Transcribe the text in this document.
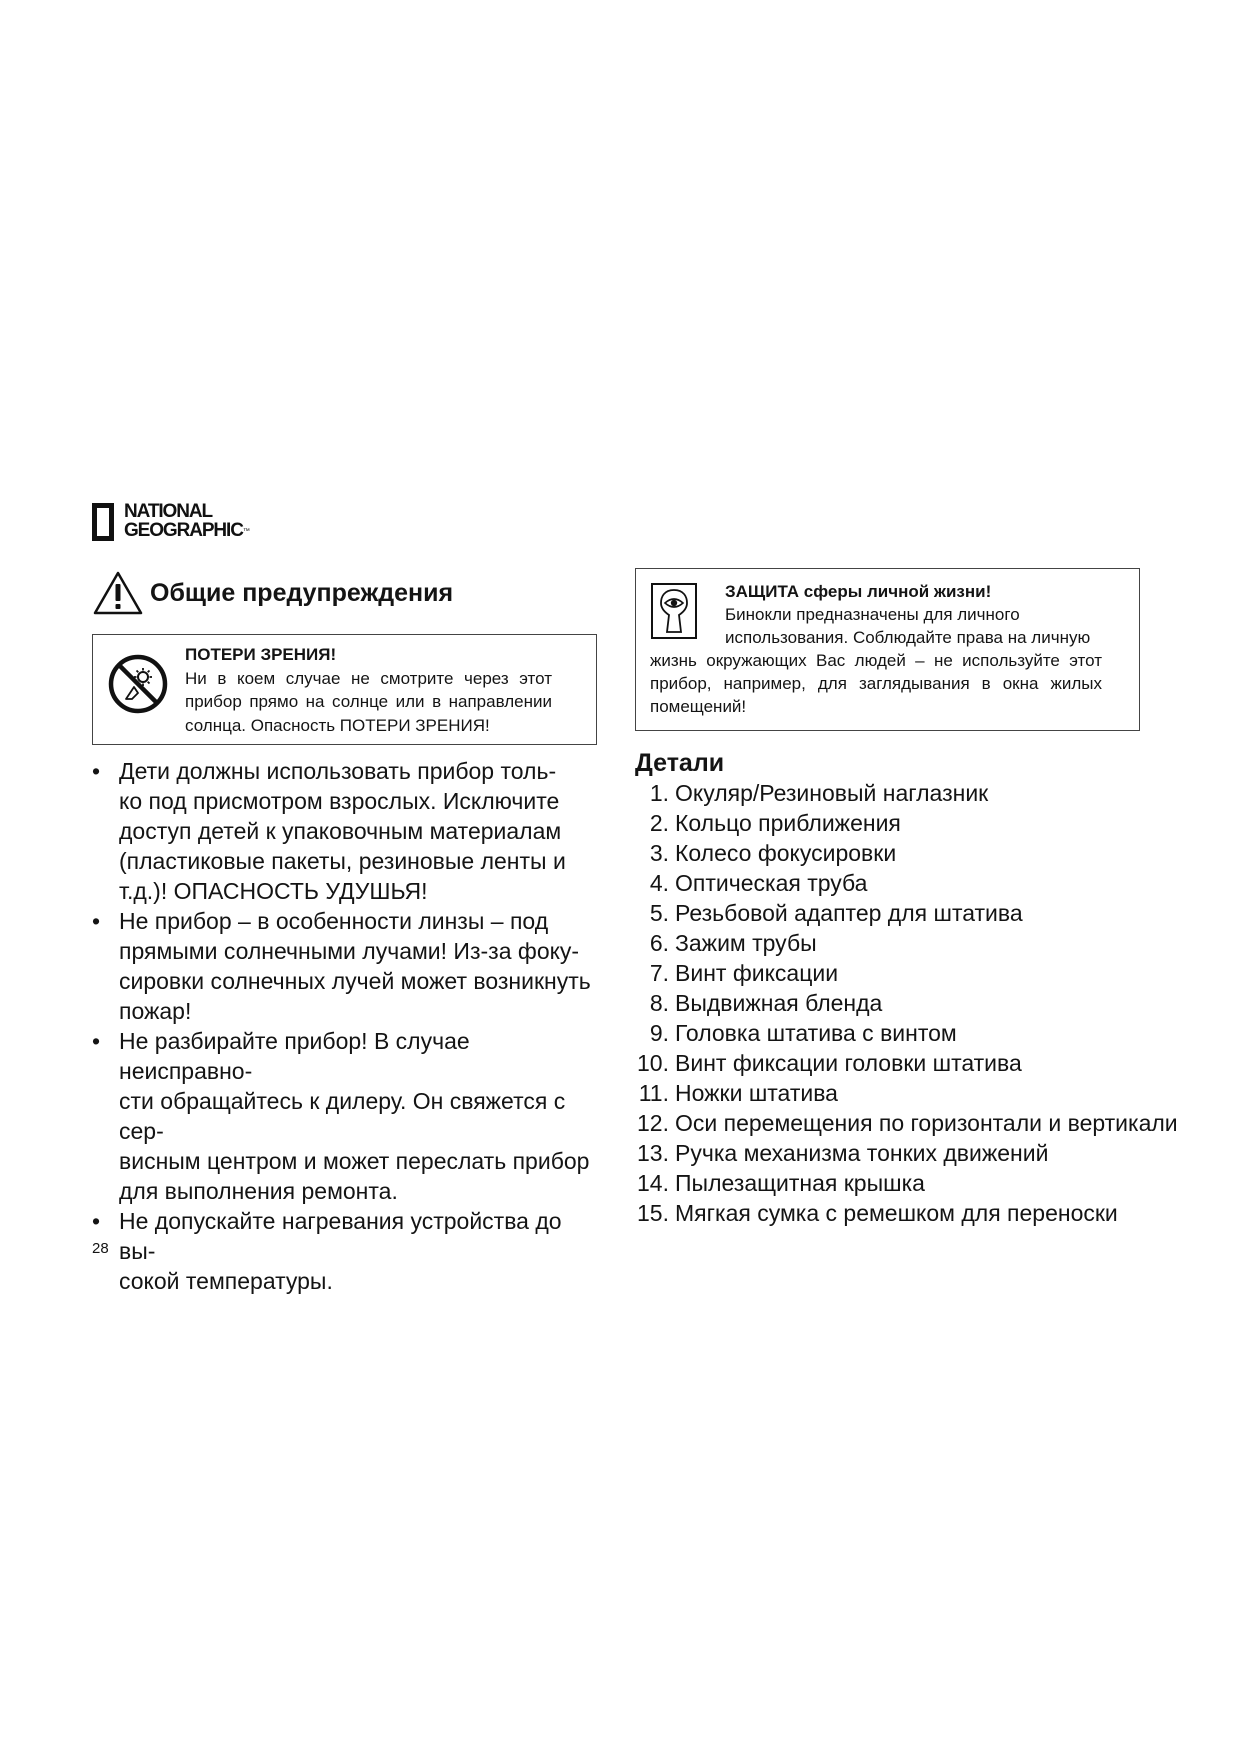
NATIONAL
GEOGRAPHIC™
Общие предупреждения
ПОТЕРИ ЗРЕНИЯ!
Ни в коем случае не смотрите через этот
прибор прямо на солнце или в направлении
солнца. Опасность ПОТЕРИ ЗРЕНИЯ!
ЗАЩИТА сферы личной жизни!
Бинокли предназначены для личного
использования. Соблюдайте права на личную
жизнь окружающих Вас людей – не используйте этот
прибор, например, для заглядывания в окна жилых
помещений!
• Дети должны использовать прибор толь-
ко под присмотром взрослых. Исключите
доступ детей к упаковочным материалам
(пластиковые пакеты, резиновые ленты и
т.д.)! ОПАСНОСТЬ УДУШЬЯ!
• Не прибор – в особенности линзы – под
прямыми солнечными лучами! Из-за фоку-
сировки солнечных лучей может возникнуть
пожар!
• Не разбирайте прибор! В случае неисправно-
сти обращайтесь к дилеру. Он свяжется с сер-
висным центром и может переслать прибор
для выполнения ремонта.
• Не допускайте нагревания устройства до вы-
сокой температуры.
Детали
1. Окуляр/Резиновый наглазник
2. Кольцо приближения
3. Колесо фокусировки
4. Оптическая труба
5. Резьбовой адаптер для штатива
6. Зажим трубы
7. Винт фиксации
8. Выдвижная бленда
9. Головка штатива с винтом
10. Винт фиксации головки штатива
11. Ножки штатива
12. Оси перемещения по горизонтали и вертикали
13. Ручка механизма тонких движений
14. Пылезащитная крышка
15. Мягкая сумка с ремешком для переноски
28
